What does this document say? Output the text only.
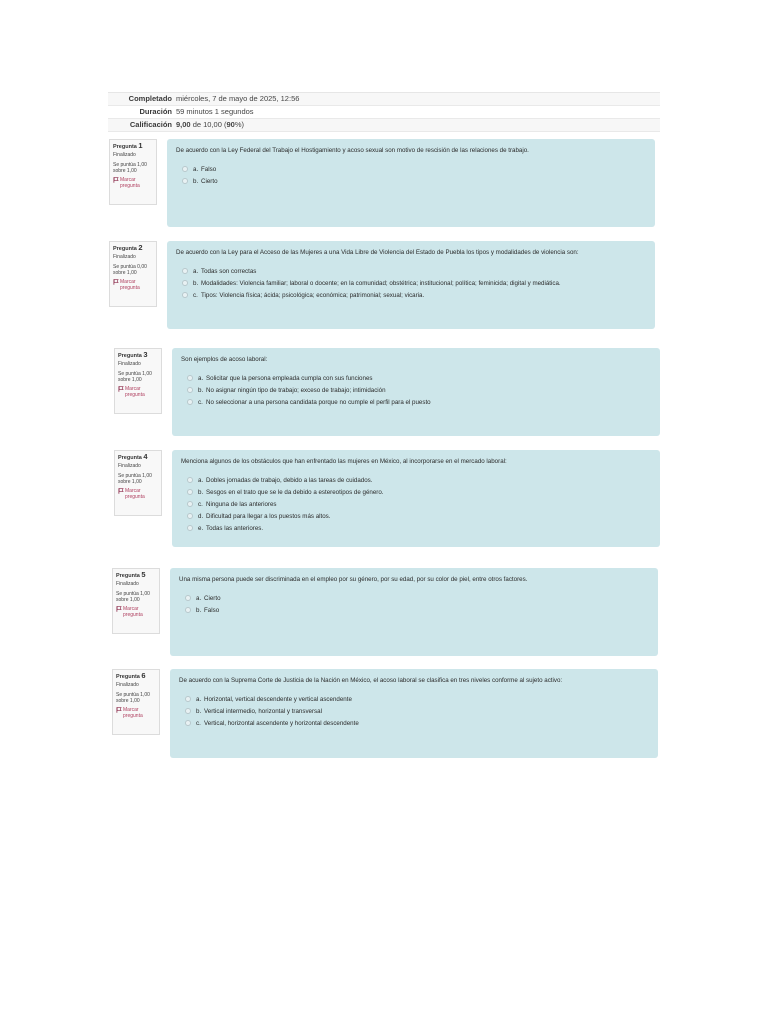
Completado miércoles, 7 de mayo de 2025, 12:56
Duración 59 minutos 1 segundos
Calificación 9,00 de 10,00 (90%)
Pregunta 1
Finalizado
Se puntúa 1,00
sobre 1,00
Marcar
pregunta
De acuerdo con la Ley Federal del Trabajo el Hostigamiento y acoso sexual son motivo de rescisión de las relaciones de trabajo.
a. Falso
b. Cierto
Pregunta 2
Finalizado
Se puntúa 0,00
sobre 1,00
Marcar
pregunta
De acuerdo con la Ley para el Acceso de las Mujeres a una Vida Libre de Violencia del Estado de Puebla los tipos y modalidades de violencia son:
a. Todas son correctas
b. Modalidades: Violencia familiar; laboral o docente; en la comunidad; obstétrica; institucional; política; feminicida; digital y mediática.
c. Tipos: Violencia física; ácida; psicológica; económica; patrimonial; sexual; vicaria.
Pregunta 3
Finalizado
Se puntúa 1,00
sobre 1,00
Marcar
pregunta
Son ejemplos de acoso laboral:
a. Solicitar que la persona empleada cumpla con sus funciones
b. No asignar ningún tipo de trabajo; exceso de trabajo; intimidación
c. No seleccionar a una persona candidata porque no cumple el perfil para el puesto
Pregunta 4
Finalizado
Se puntúa 1,00
sobre 1,00
Marcar
pregunta
Menciona algunos de los obstáculos que han enfrentado las mujeres en México, al incorporarse en el mercado laboral:
a. Dobles jornadas de trabajo, debido a las tareas de cuidados.
b. Sesgos en el trato que se le da debido a estereotipos de género.
c. Ninguna de las anteriores
d. Dificultad para llegar a los puestos más altos.
e. Todas las anteriores.
Pregunta 5
Finalizado
Se puntúa 1,00
sobre 1,00
Marcar
pregunta
Una misma persona puede ser discriminada en el empleo por su género, por su edad, por su color de piel, entre otros factores.
a. Cierto
b. Falso
Pregunta 6
Finalizado
Se puntúa 1,00
sobre 1,00
Marcar
pregunta
De acuerdo con la Suprema Corte de Justicia de la Nación en México, el acoso laboral se clasifica en tres niveles conforme al sujeto activo:
a. Horizontal, vertical descendente y vertical ascendente
b. Vertical intermedio, horizontal y transversal
c. Vertical, horizontal ascendente y horizontal descendente
